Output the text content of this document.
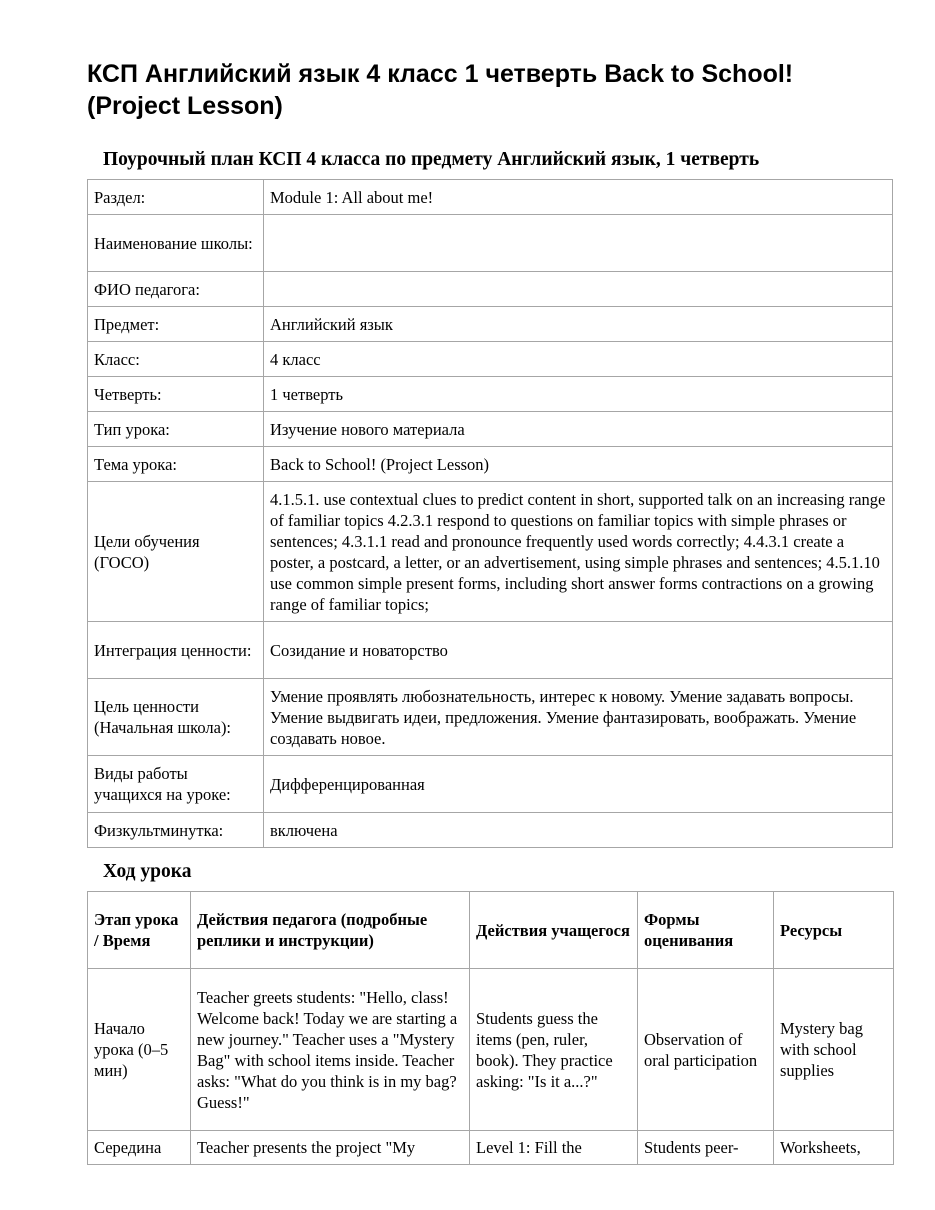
КСП Английский язык 4 класс 1 четверть Back to School! (Project Lesson)
Поурочный план КСП 4 класса по предмету Английский язык, 1 четверть
Раздел:	Module 1: All about me!
Наименование школы:	
ФИО педагога:	
Предмет:	Английский язык
Класс:	4 класс
Четверть:	1 четверть
Тип урока:	Изучение нового материала
Тема урока:	Back to School! (Project Lesson)
Цели обучения (ГОСО)	4.1.5.1. use contextual clues to predict content in short, supported talk on an increasing range of familiar topics 4.2.3.1 respond to questions on familiar topics with simple phrases or sentences; 4.3.1.1 read and pronounce frequently used words correctly; 4.4.3.1 create a poster, a postcard, a letter, or an advertisement, using simple phrases and sentences; 4.5.1.10 use common simple present forms, including short answer forms contractions on a growing range of familiar topics;
Интеграция ценности:	Созидание и новаторство
Цель ценности (Начальная школа):	Умение проявлять любознательность, интерес к новому. Умение задавать вопросы. Умение выдвигать идеи, предложения. Умение фантазировать, воображать. Умение создавать новое.
Виды работы учащихся на уроке:	Дифференцированная
Физкультминутка:	включена
Ход урока
Этап урока / Время	Действия педагога (подробные реплики и инструкции)	Действия учащегося	Формы оценивания	Ресурсы
Начало урока (0–5 мин)	Teacher greets students: "Hello, class! Welcome back! Today we are starting a new journey." Teacher uses a "Mystery Bag" with school items inside. Teacher asks: "What do you think is in my bag? Guess!"	Students guess the items (pen, ruler, book). They practice asking: "Is it a...?"	Observation of oral participation	Mystery bag with school supplies
Середина	Teacher presents the project "My	Level 1: Fill the	Students peer-	Worksheets,
